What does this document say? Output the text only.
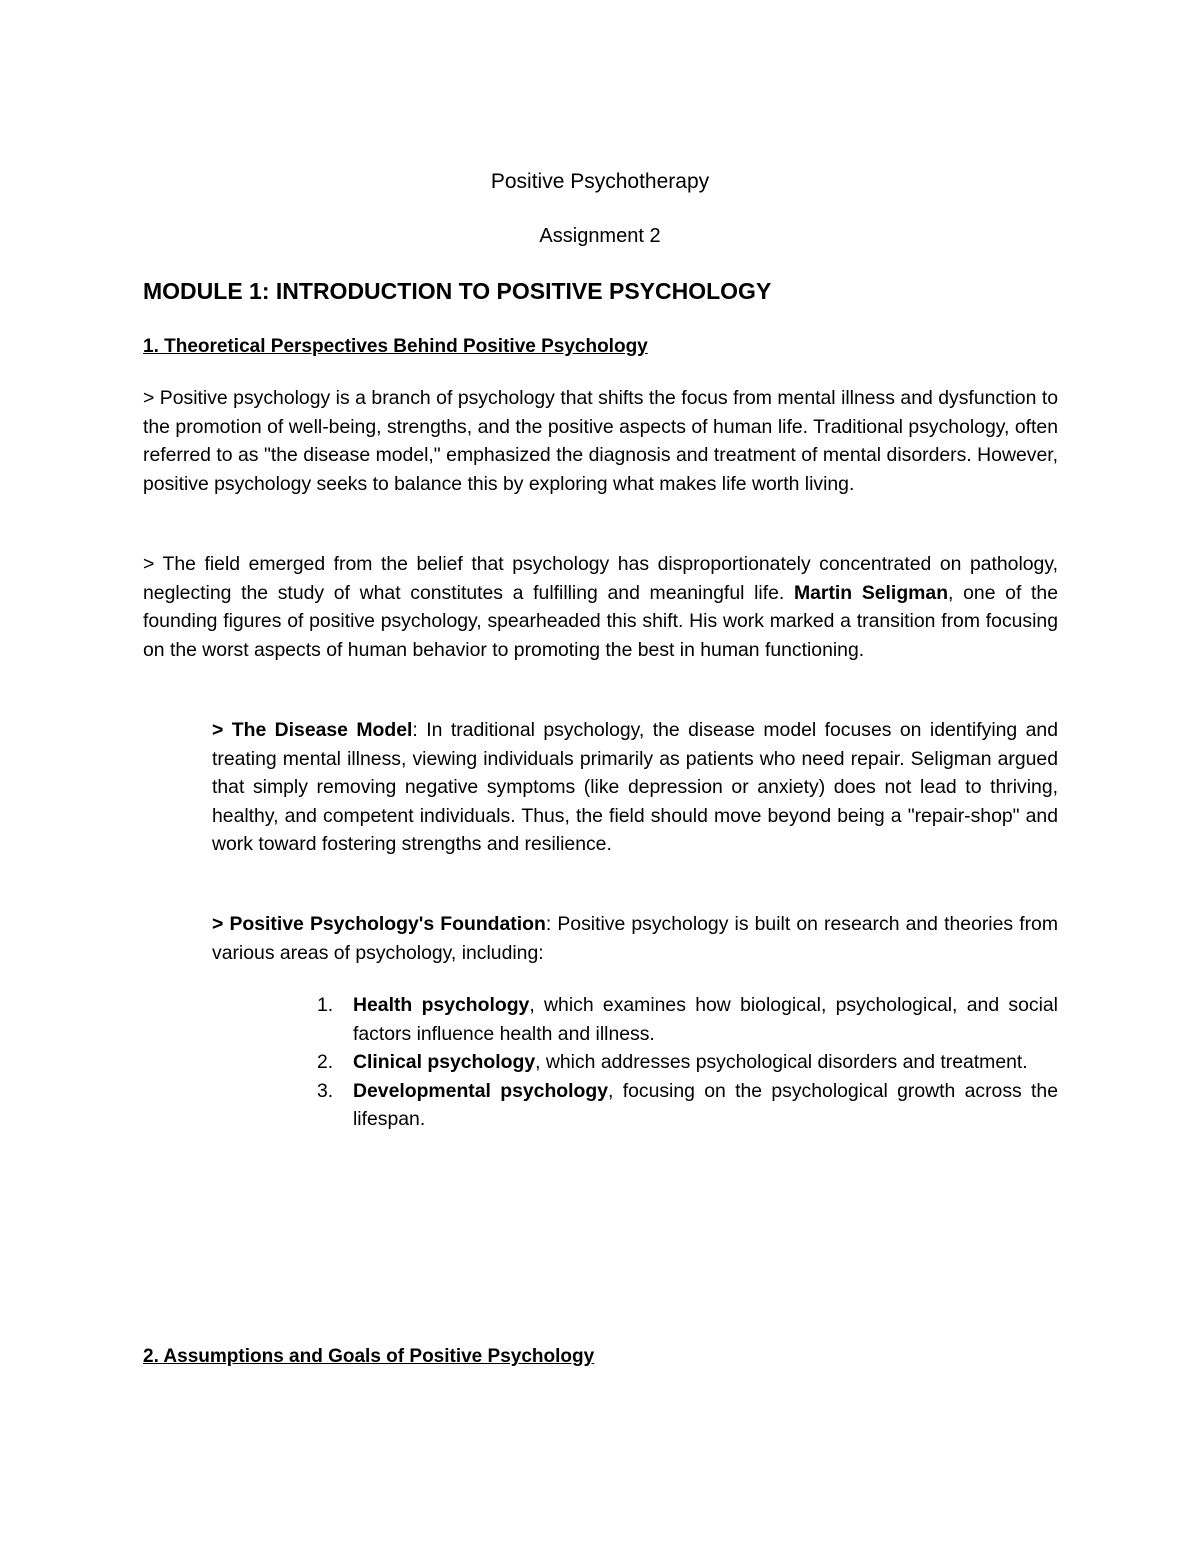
Positive Psychotherapy
Assignment 2
MODULE 1: INTRODUCTION TO POSITIVE PSYCHOLOGY
1. Theoretical Perspectives Behind Positive Psychology
> Positive psychology is a branch of psychology that shifts the focus from mental illness and dysfunction to the promotion of well-being, strengths, and the positive aspects of human life. Traditional psychology, often referred to as "the disease model," emphasized the diagnosis and treatment of mental disorders. However, positive psychology seeks to balance this by exploring what makes life worth living.
> The field emerged from the belief that psychology has disproportionately concentrated on pathology, neglecting the study of what constitutes a fulfilling and meaningful life. Martin Seligman, one of the founding figures of positive psychology, spearheaded this shift. His work marked a transition from focusing on the worst aspects of human behavior to promoting the best in human functioning.
> The Disease Model: In traditional psychology, the disease model focuses on identifying and treating mental illness, viewing individuals primarily as patients who need repair. Seligman argued that simply removing negative symptoms (like depression or anxiety) does not lead to thriving, healthy, and competent individuals. Thus, the field should move beyond being a "repair-shop" and work toward fostering strengths and resilience.
> Positive Psychology's Foundation: Positive psychology is built on research and theories from various areas of psychology, including:
1. Health psychology, which examines how biological, psychological, and social factors influence health and illness.
2. Clinical psychology, which addresses psychological disorders and treatment.
3. Developmental psychology, focusing on the psychological growth across the lifespan.
2. Assumptions and Goals of Positive Psychology
